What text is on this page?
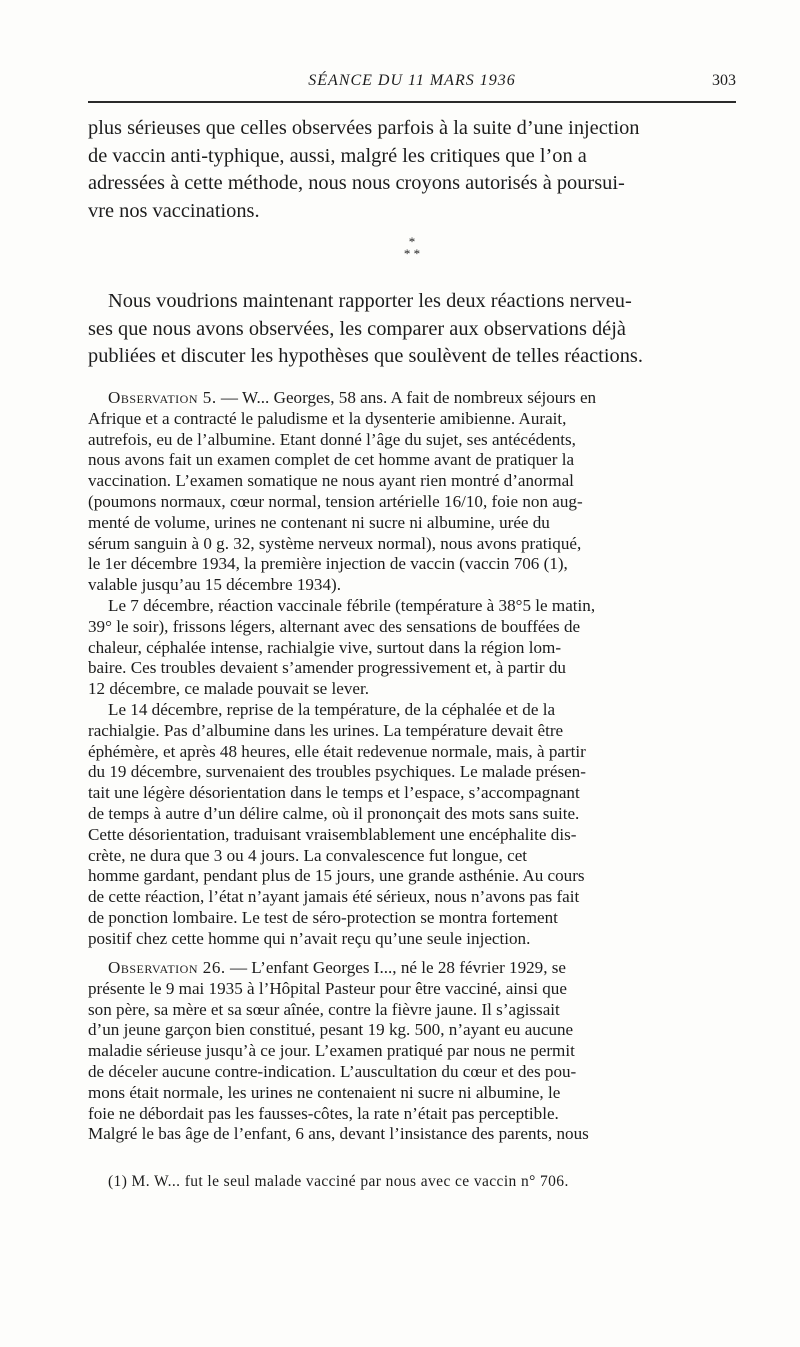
SÉANCE DU 11 MARS 1936	303
plus sérieuses que celles observées parfois à la suite d’une injection
de vaccin anti-typhique, aussi, malgré les critiques que l’on a
adressées à cette méthode, nous nous croyons autorisés à poursui-
vre nos vaccinations.
*
* *
Nous voudrions maintenant rapporter les deux réactions nerveu-
ses que nous avons observées, les comparer aux observations déjà
publiées et discuter les hypothèses que soulèvent de telles réactions.
Observation 5. — W... Georges, 58 ans. A fait de nombreux séjours en
Afrique et a contracté le paludisme et la dysenterie amibienne. Aurait,
autrefois, eu de l’albumine. Etant donné l’âge du sujet, ses antécédents,
nous avons fait un examen complet de cet homme avant de pratiquer la
vaccination. L’examen somatique ne nous ayant rien montré d’anormal
(poumons normaux, cœur normal, tension artérielle 16/10, foie non aug-
menté de volume, urines ne contenant ni sucre ni albumine, urée du
sérum sanguin à 0 g. 32, système nerveux normal), nous avons pratiqué,
le 1er décembre 1934, la première injection de vaccin (vaccin 706 (1),
valable jusqu’au 15 décembre 1934).
Le 7 décembre, réaction vaccinale fébrile (température à 38°5 le matin,
39° le soir), frissons légers, alternant avec des sensations de bouffées de
chaleur, céphalée intense, rachialgie vive, surtout dans la région lom-
baire. Ces troubles devaient s’amender progressivement et, à partir du
12 décembre, ce malade pouvait se lever.
Le 14 décembre, reprise de la température, de la céphalée et de la
rachialgie. Pas d’albumine dans les urines. La température devait être
éphémère, et après 48 heures, elle était redevenue normale, mais, à partir
du 19 décembre, survenaient des troubles psychiques. Le malade présen-
tait une légère désorientation dans le temps et l’espace, s’accompagnant
de temps à autre d’un délire calme, où il prononçait des mots sans suite.
Cette désorientation, traduisant vraisemblablement une encéphalite dis-
crète, ne dura que 3 ou 4 jours. La convalescence fut longue, cet
homme gardant, pendant plus de 15 jours, une grande asthénie. Au cours
de cette réaction, l’état n’ayant jamais été sérieux, nous n’avons pas fait
de ponction lombaire. Le test de séro-protection se montra fortement
positif chez cette homme qui n’avait reçu qu’une seule injection.
Observation 26. — L’enfant Georges I..., né le 28 février 1929, se
présente le 9 mai 1935 à l’Hôpital Pasteur pour être vacciné, ainsi que
son père, sa mère et sa sœur aînée, contre la fièvre jaune. Il s’agissait
d’un jeune garçon bien constitué, pesant 19 kg. 500, n’ayant eu aucune
maladie sérieuse jusqu’à ce jour. L’examen pratiqué par nous ne permit
de déceler aucune contre-indication. L’auscultation du cœur et des pou-
mons était normale, les urines ne contenaient ni sucre ni albumine, le
foie ne débordait pas les fausses-côtes, la rate n’était pas perceptible.
Malgré le bas âge de l’enfant, 6 ans, devant l’insistance des parents, nous
(1) M. W... fut le seul malade vacciné par nous avec ce vaccin n° 706.
